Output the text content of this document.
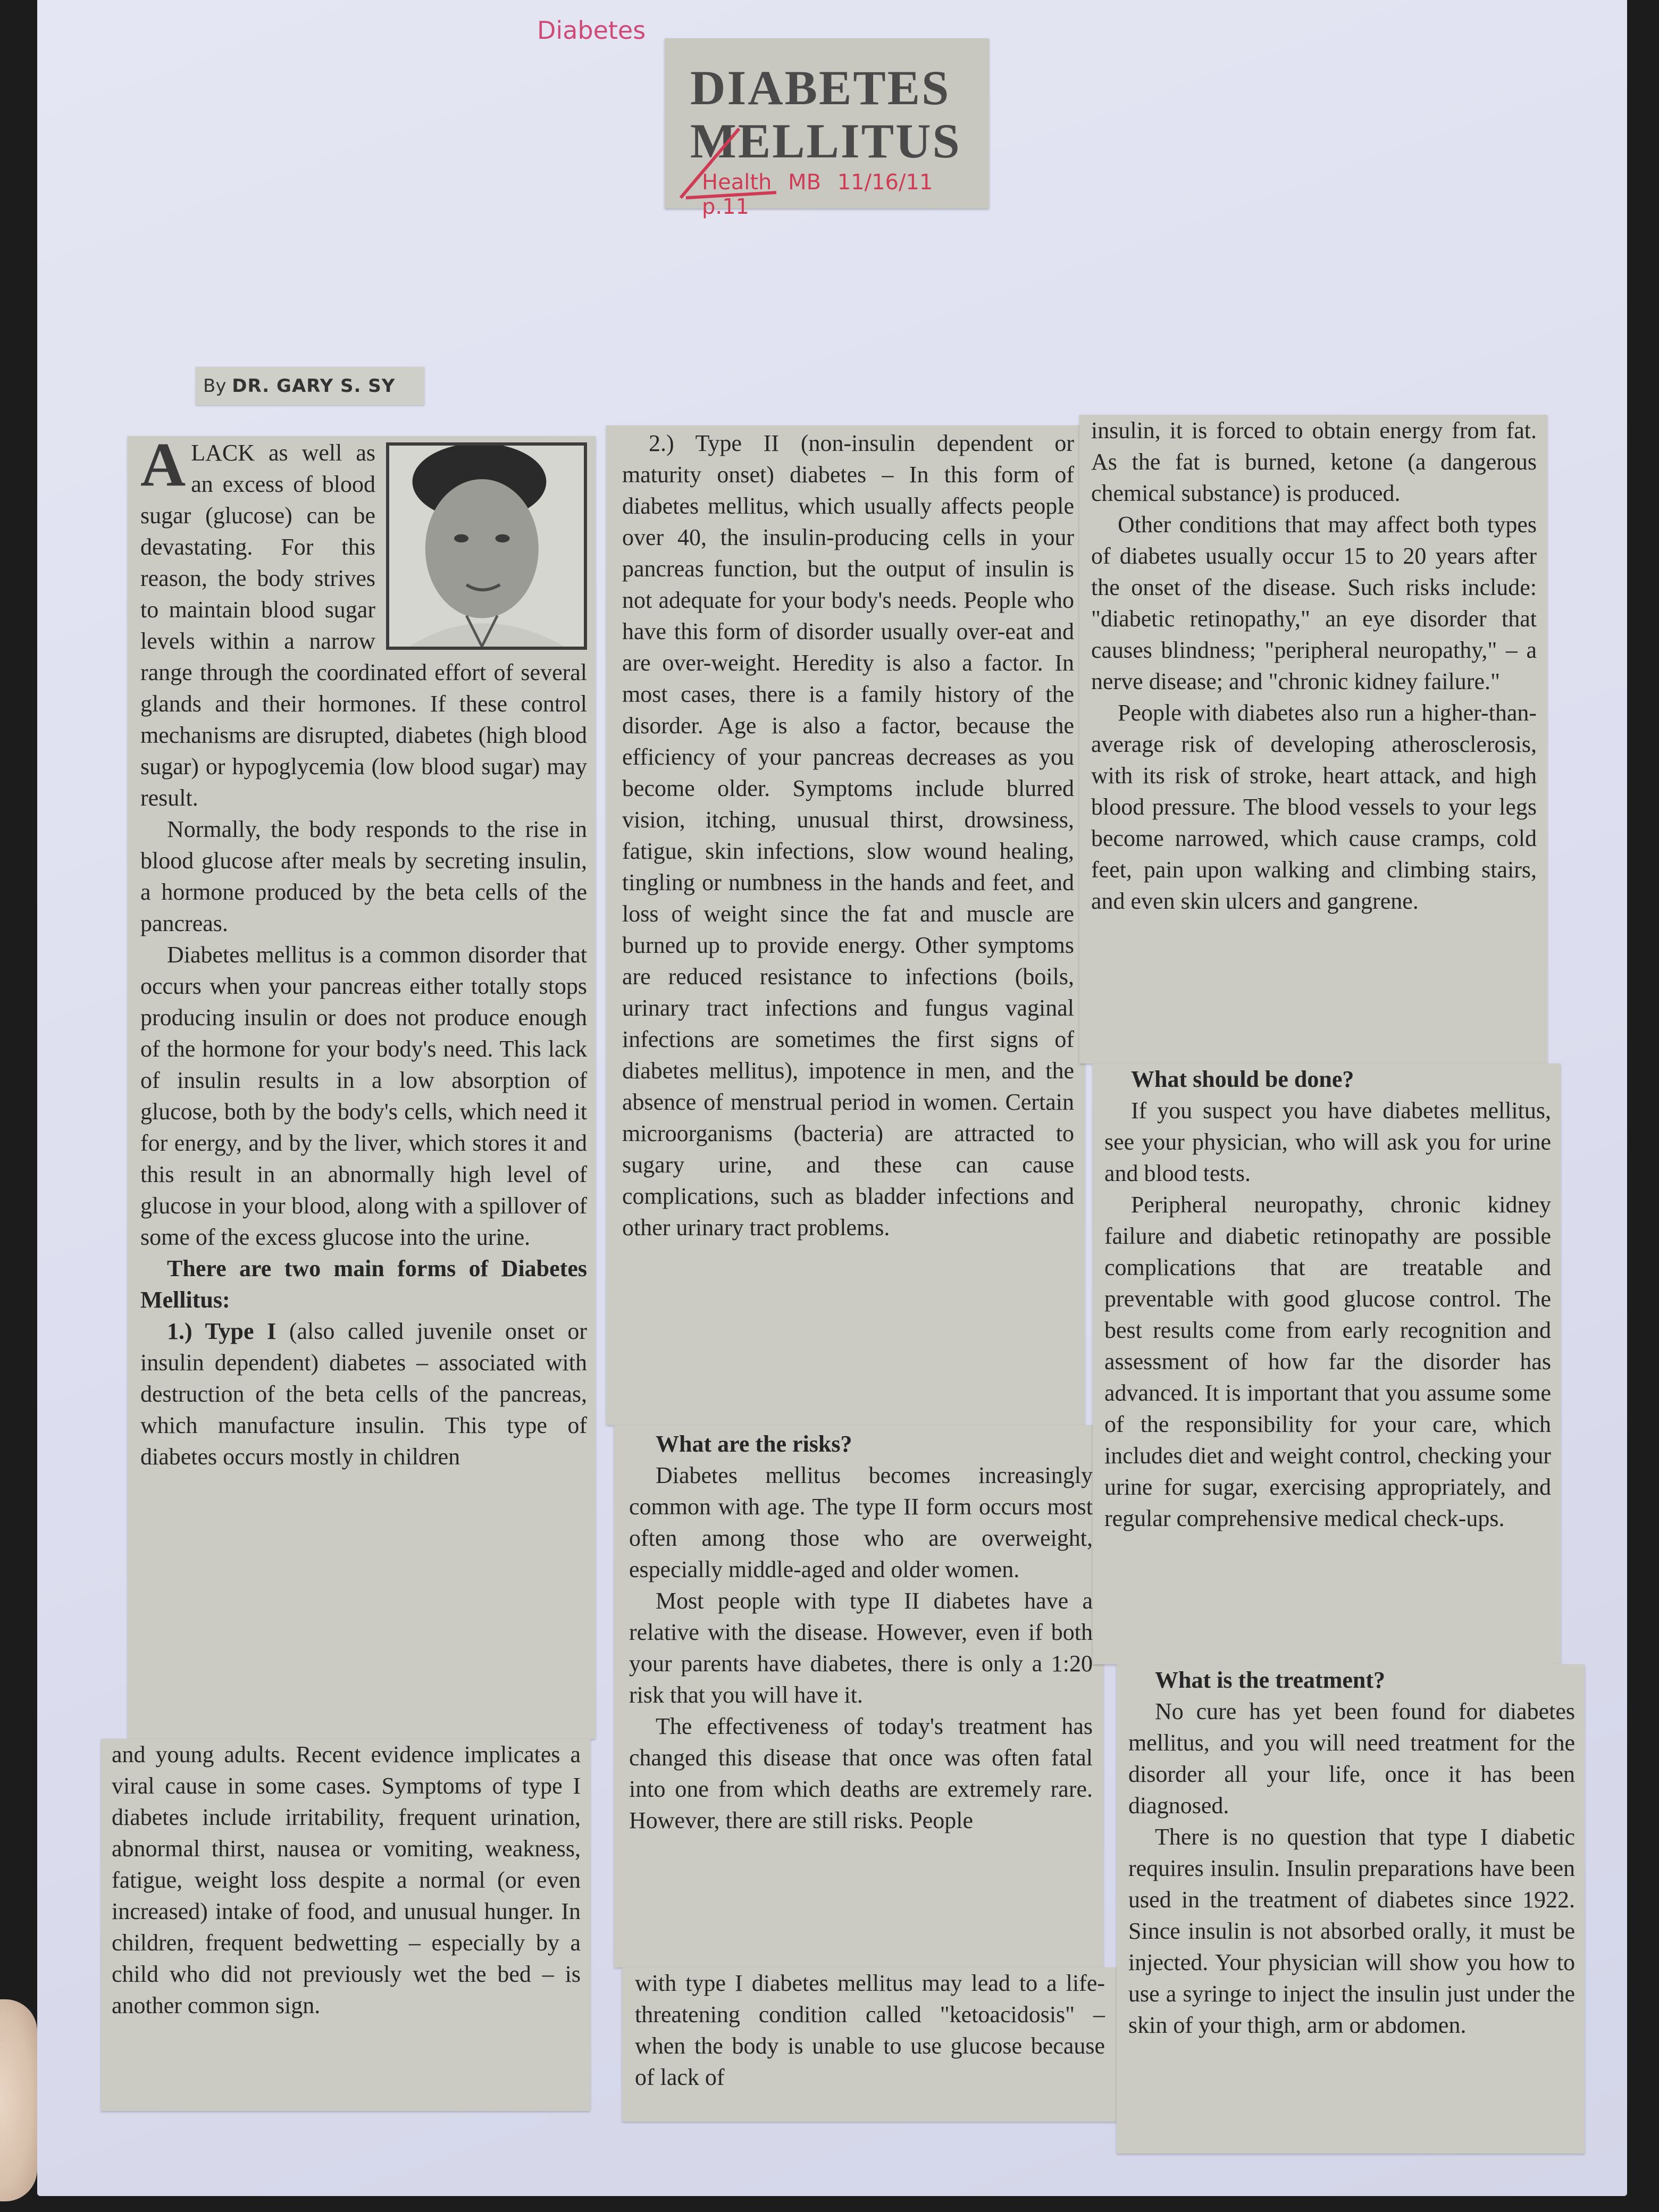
Diabetes
DIABETES
MELLITUS
Health MB 11/16/11 p.11
By DR. GARY S. SY

A LACK as well as an excess of blood sugar (glucose) can be devastating. For this reason, the body strives to maintain blood sugar levels within a narrow range through the coordinated effort of several glands and their hormones. If these control mechanisms are disrupted, diabetes (high blood sugar) or hypoglycemia (low blood sugar) may result.

Normally, the body responds to the rise in blood glucose after meals by secreting insulin, a hormone produced by the beta cells of the pancreas.

Diabetes mellitus is a common disorder that occurs when your pancreas either totally stops producing insulin or does not produce enough of the hormone for your body's need. This lack of insulin results in a low absorption of glucose, both by the body's cells, which need it for energy, and by the liver, which stores it and this result in an abnormally high level of glucose in your blood, along with a spillover of some of the excess glucose into the urine.

There are two main forms of Diabetes Mellitus:

1.) Type I (also called juvenile onset or insulin dependent) diabetes – associated with destruction of the beta cells of the pancreas, which manufacture insulin. This type of diabetes occurs mostly in children

and young adults. Recent evidence implicates a viral cause in some cases. Symptoms of type I diabetes include irritability, frequent urination, abnormal thirst, nausea or vomiting, weakness, fatigue, weight loss despite a normal (or even increased) intake of food, and unusual hunger. In children, frequent bedwetting – especially by a child who did not previously wet the bed – is another common sign.

2.) Type II (non-insulin dependent or maturity onset) diabetes – In this form of diabetes mellitus, which usually affects people over 40, the insulin-producing cells in your pancreas function, but the output of insulin is not adequate for your body's needs. People who have this form of disorder usually over-eat and are over-weight. Heredity is also a factor. In most cases, there is a family history of the disorder. Age is also a factor, because the efficiency of your pancreas decreases as you become older. Symptoms include blurred vision, itching, unusual thirst, drowsiness, fatigue, skin infections, slow wound healing, tingling or numbness in the hands and feet, and loss of weight since the fat and muscle are burned up to provide energy. Other symptoms are reduced resistance to infections (boils, urinary tract infections and fungus vaginal infections are sometimes the first signs of diabetes mellitus), impotence in men, and the absence of menstrual period in women. Certain microorganisms (bacteria) are attracted to sugary urine, and these can cause complications, such as bladder infections and other urinary tract problems.

What are the risks?

Diabetes mellitus becomes increasingly common with age. The type II form occurs most often among those who are overweight, especially middle-aged and older women.

Most people with type II diabetes have a relative with the disease. However, even if both your parents have diabetes, there is only a 1:20 risk that you will have it.

The effectiveness of today's treatment has changed this disease that once was often fatal into one from which deaths are extremely rare. However, there are still risks. People

with type I diabetes mellitus may lead to a life-threatening condition called "ketoacidosis" – when the body is unable to use glucose because of lack of

insulin, it is forced to obtain energy from fat. As the fat is burned, ketone (a dangerous chemical substance) is produced.

Other conditions that may affect both types of diabetes usually occur 15 to 20 years after the onset of the disease. Such risks include: "diabetic retinopathy," an eye disorder that causes blindness; "peripheral neuropathy," – a nerve disease; and "chronic kidney failure."

People with diabetes also run a higher-than-average risk of developing atherosclerosis, with its risk of stroke, heart attack, and high blood pressure. The blood vessels to your legs become narrowed, which cause cramps, cold feet, pain upon walking and climbing stairs, and even skin ulcers and gangrene.

What should be done?

If you suspect you have diabetes mellitus, see your physician, who will ask you for urine and blood tests.

Peripheral neuropathy, chronic kidney failure and diabetic retinopathy are possible complications that are treatable and preventable with good glucose control. The best results come from early recognition and assessment of how far the disorder has advanced. It is important that you assume some of the responsibility for your care, which includes diet and weight control, checking your urine for sugar, exercising appropriately, and regular comprehensive medical check-ups.

What is the treatment?

No cure has yet been found for diabetes mellitus, and you will need treatment for the disorder all your life, once it has been diagnosed.

There is no question that type I diabetic requires insulin. Insulin preparations have been used in the treatment of diabetes since 1922. Since insulin is not absorbed orally, it must be injected. Your physician will show you how to use a syringe to inject the insulin just under the skin of your thigh, arm or abdomen.
